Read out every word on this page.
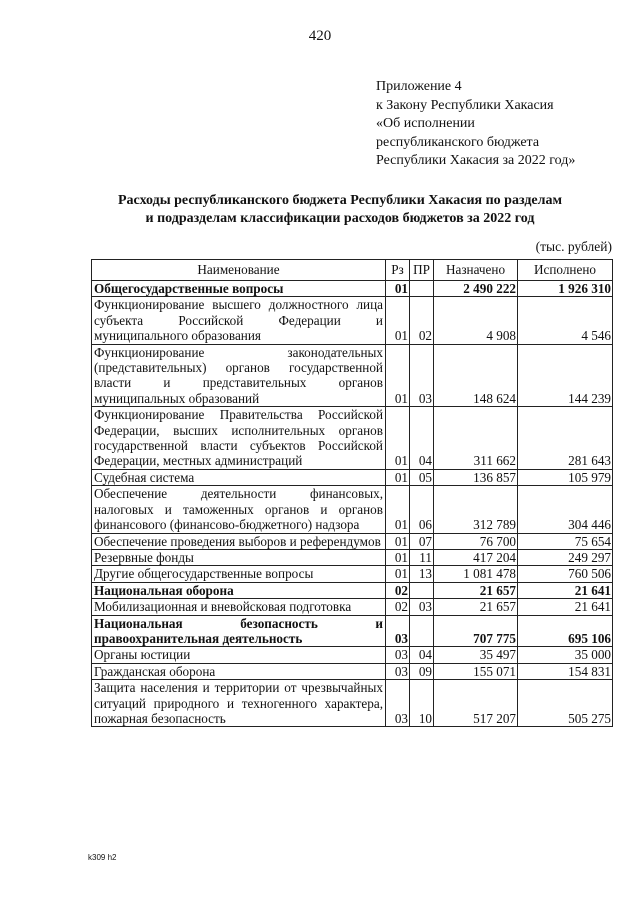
420
Приложение 4
к Закону Республики Хакасия
«Об исполнении
республиканского бюджета
Республики Хакасия за 2022 год»
Расходы республиканского бюджета Республики Хакасия по разделам
и подразделам классификации расходов бюджетов за 2022 год
(тыс. рублей)
Наименование	Рз	ПР	Назначено	Исполнено
Общегосударственные вопросы	01		2 490 222	1 926 310
Функционирование высшего должностного лица субъекта Российской Федерации и муниципального образования	01	02	4 908	4 546
Функционирование законодательных (представительных) органов государственной власти и представительных органов муниципальных образований	01	03	148 624	144 239
Функционирование Правительства Российской Федерации, высших исполнительных органов государственной власти субъектов Российской Федерации, местных администраций	01	04	311 662	281 643
Судебная система	01	05	136 857	105 979
Обеспечение деятельности финансовых, налоговых и таможенных органов и органов финансового (финансово-бюджетного) надзора	01	06	312 789	304 446
Обеспечение проведения выборов и референдумов	01	07	76 700	75 654
Резервные фонды	01	11	417 204	249 297
Другие общегосударственные вопросы	01	13	1 081 478	760 506
Национальная оборона	02		21 657	21 641
Мобилизационная и вневойсковая подготовка	02	03	21 657	21 641
Национальная безопасность и правоохранительная деятельность	03		707 775	695 106
Органы юстиции	03	04	35 497	35 000
Гражданская оборона	03	09	155 071	154 831
Защита населения и территории от чрезвычайных ситуаций природного и техногенного характера, пожарная безопасность	03	10	517 207	505 275
k309 h2
